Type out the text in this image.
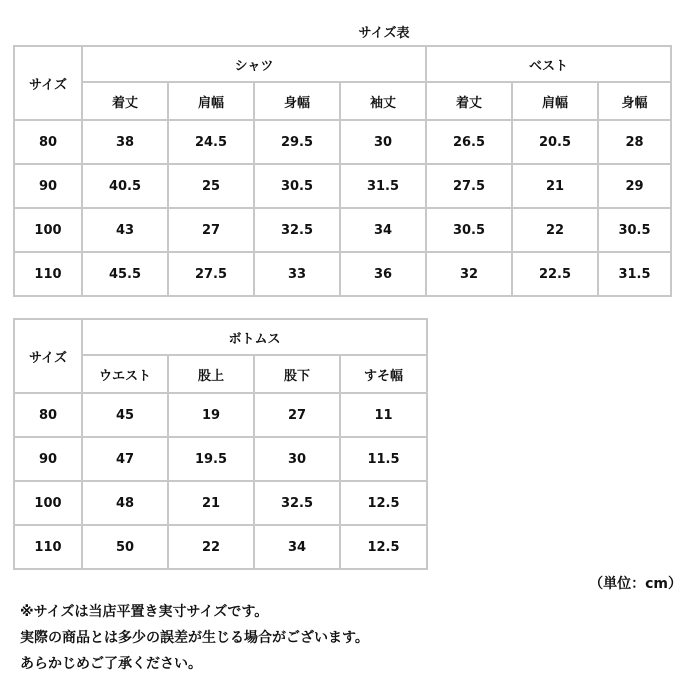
サイズ表
サイズ	シャツ				ベスト		
	着丈	肩幅	身幅	袖丈	着丈	肩幅	身幅
80	38	24.5	29.5	30	26.5	20.5	28
90	40.5	25	30.5	31.5	27.5	21	29
100	43	27	32.5	34	30.5	22	30.5
110	45.5	27.5	33	36	32	22.5	31.5
サイズ	ボトムス			
	ウエスト	股上	股下	すそ幅
80	45	19	27	11
90	47	19.5	30	11.5
100	48	21	32.5	12.5
110	50	22	34	12.5
（単位：cm）
※サイズは当店平置き実寸サイズです。
実際の商品とは多少の誤差が生じる場合がございます。
あらかじめご了承ください。
